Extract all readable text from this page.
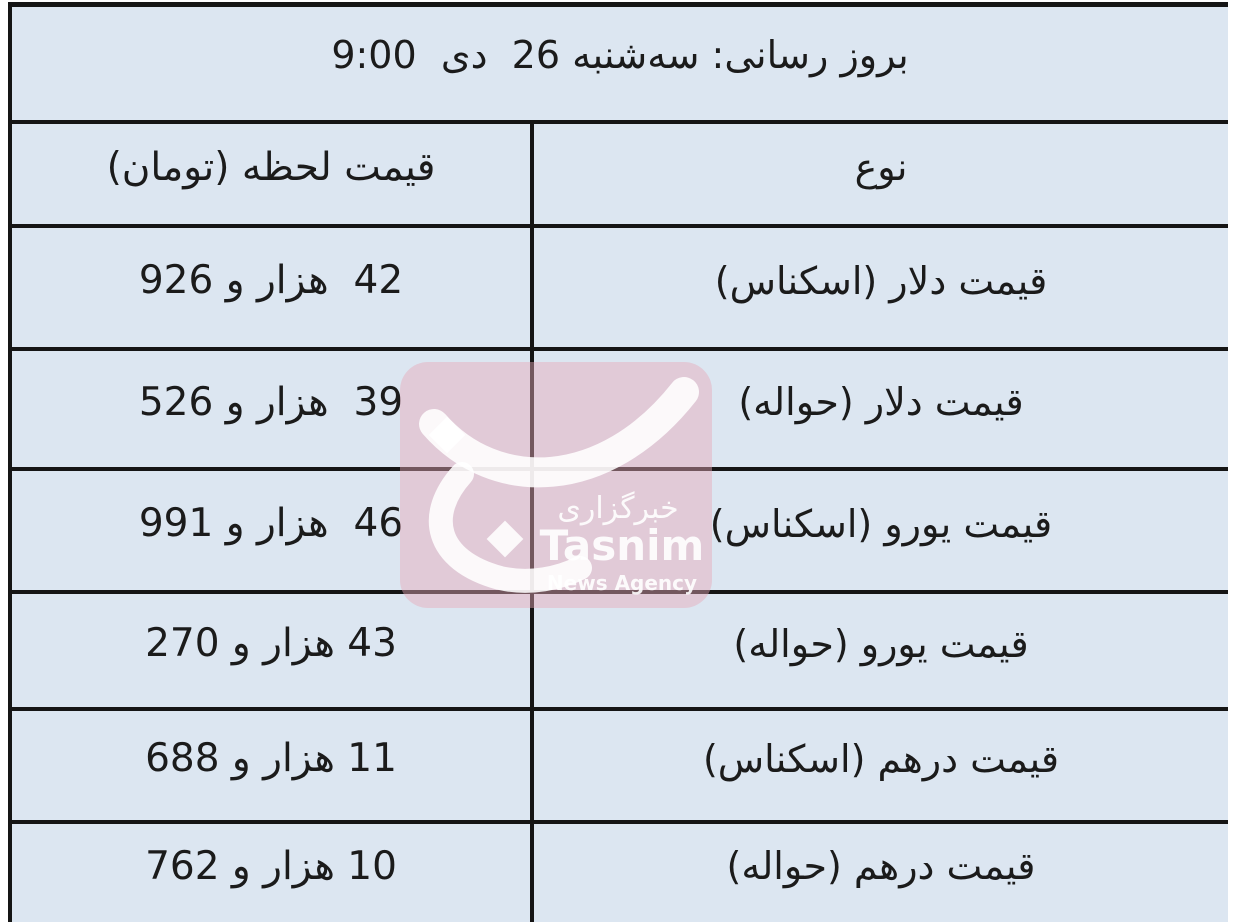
بروز رسانی: سه‌شنبه 26  دی  9:00
نوع
قیمت لحظه (تومان)
قیمت دلار (اسکناس)
42  هزار و 926
قیمت دلار (حواله)
39  هزار و 526
قیمت یورو (اسکناس)
46  هزار و 991
قیمت یورو (حواله)
43 هزار و 270
قیمت درهم (اسکناس)
11 هزار و 688
قیمت درهم (حواله)
10 هزار و 762
خبرگزاری
Tasnim
News Agency
